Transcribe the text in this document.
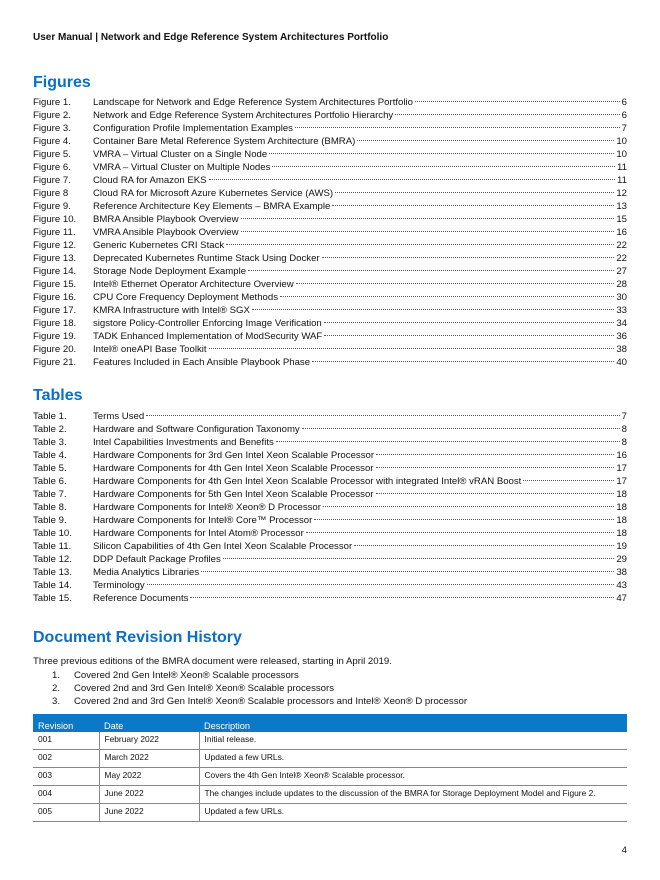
User Manual | Network and Edge Reference System Architectures Portfolio
Figures
Figure 1.	Landscape for Network and Edge Reference System Architectures Portfolio	6
Figure 2.	Network and Edge Reference System Architectures Portfolio Hierarchy	6
Figure 3.	Configuration Profile Implementation Examples	7
Figure 4.	Container Bare Metal Reference System Architecture (BMRA)	10
Figure 5.	VMRA – Virtual Cluster on a Single Node	10
Figure 6.	VMRA – Virtual Cluster on Multiple Nodes	11
Figure 7.	Cloud RA for Amazon EKS	11
Figure 8	Cloud RA for Microsoft Azure Kubernetes Service (AWS)	12
Figure 9.	Reference Architecture Key Elements – BMRA Example	13
Figure 10.	BMRA Ansible Playbook Overview	15
Figure 11.	VMRA Ansible Playbook Overview	16
Figure 12.	Generic Kubernetes CRI Stack	22
Figure 13.	Deprecated Kubernetes Runtime Stack Using Docker	22
Figure 14.	Storage Node Deployment Example	27
Figure 15.	Intel® Ethernet Operator Architecture Overview	28
Figure 16.	CPU Core Frequency Deployment Methods	30
Figure 17.	KMRA Infrastructure with Intel® SGX	33
Figure 18.	sigstore Policy-Controller Enforcing Image Verification	34
Figure 19.	TADK Enhanced Implementation of ModSecurity WAF	36
Figure 20.	Intel® oneAPI Base Toolkit	38
Figure 21.	Features Included in Each Ansible Playbook Phase	40
Tables
Table 1.	Terms Used	7
Table 2.	Hardware and Software Configuration Taxonomy	8
Table 3.	Intel Capabilities Investments and Benefits	8
Table 4.	Hardware Components for 3rd Gen Intel Xeon Scalable Processor	16
Table 5.	Hardware Components for 4th Gen Intel Xeon Scalable Processor	17
Table 6.	Hardware Components for 4th Gen Intel Xeon Scalable Processor with integrated Intel® vRAN Boost	17
Table 7.	Hardware Components for 5th Gen Intel Xeon Scalable Processor	18
Table 8.	Hardware Components for Intel® Xeon® D Processor	18
Table 9.	Hardware Components for Intel® Core™ Processor	18
Table 10.	Hardware Components for Intel Atom® Processor	18
Table 11.	Silicon Capabilities of 4th Gen Intel Xeon Scalable Processor	19
Table 12.	DDP Default Package Profiles	29
Table 13.	Media Analytics Libraries	38
Table 14.	Terminology	43
Table 15.	Reference Documents	47
Document Revision History

Three previous editions of the BMRA document were released, starting in April 2019.

1.	Covered 2nd Gen Intel® Xeon® Scalable processors
2.	Covered 2nd and 3rd Gen Intel® Xeon® Scalable processors
3.	Covered 2nd and 3rd Gen Intel® Xeon® Scalable processors and Intel® Xeon® D processor
Revision	Date	Description
001	February 2022	Initial release.
002	March 2022	Updated a few URLs.
003	May 2022	Covers the 4th Gen Intel® Xeon® Scalable processor.
004	June 2022	The changes include updates to the discussion of the BMRA for Storage Deployment Model and Figure 2.
005	June 2022	Updated a few URLs.
4
